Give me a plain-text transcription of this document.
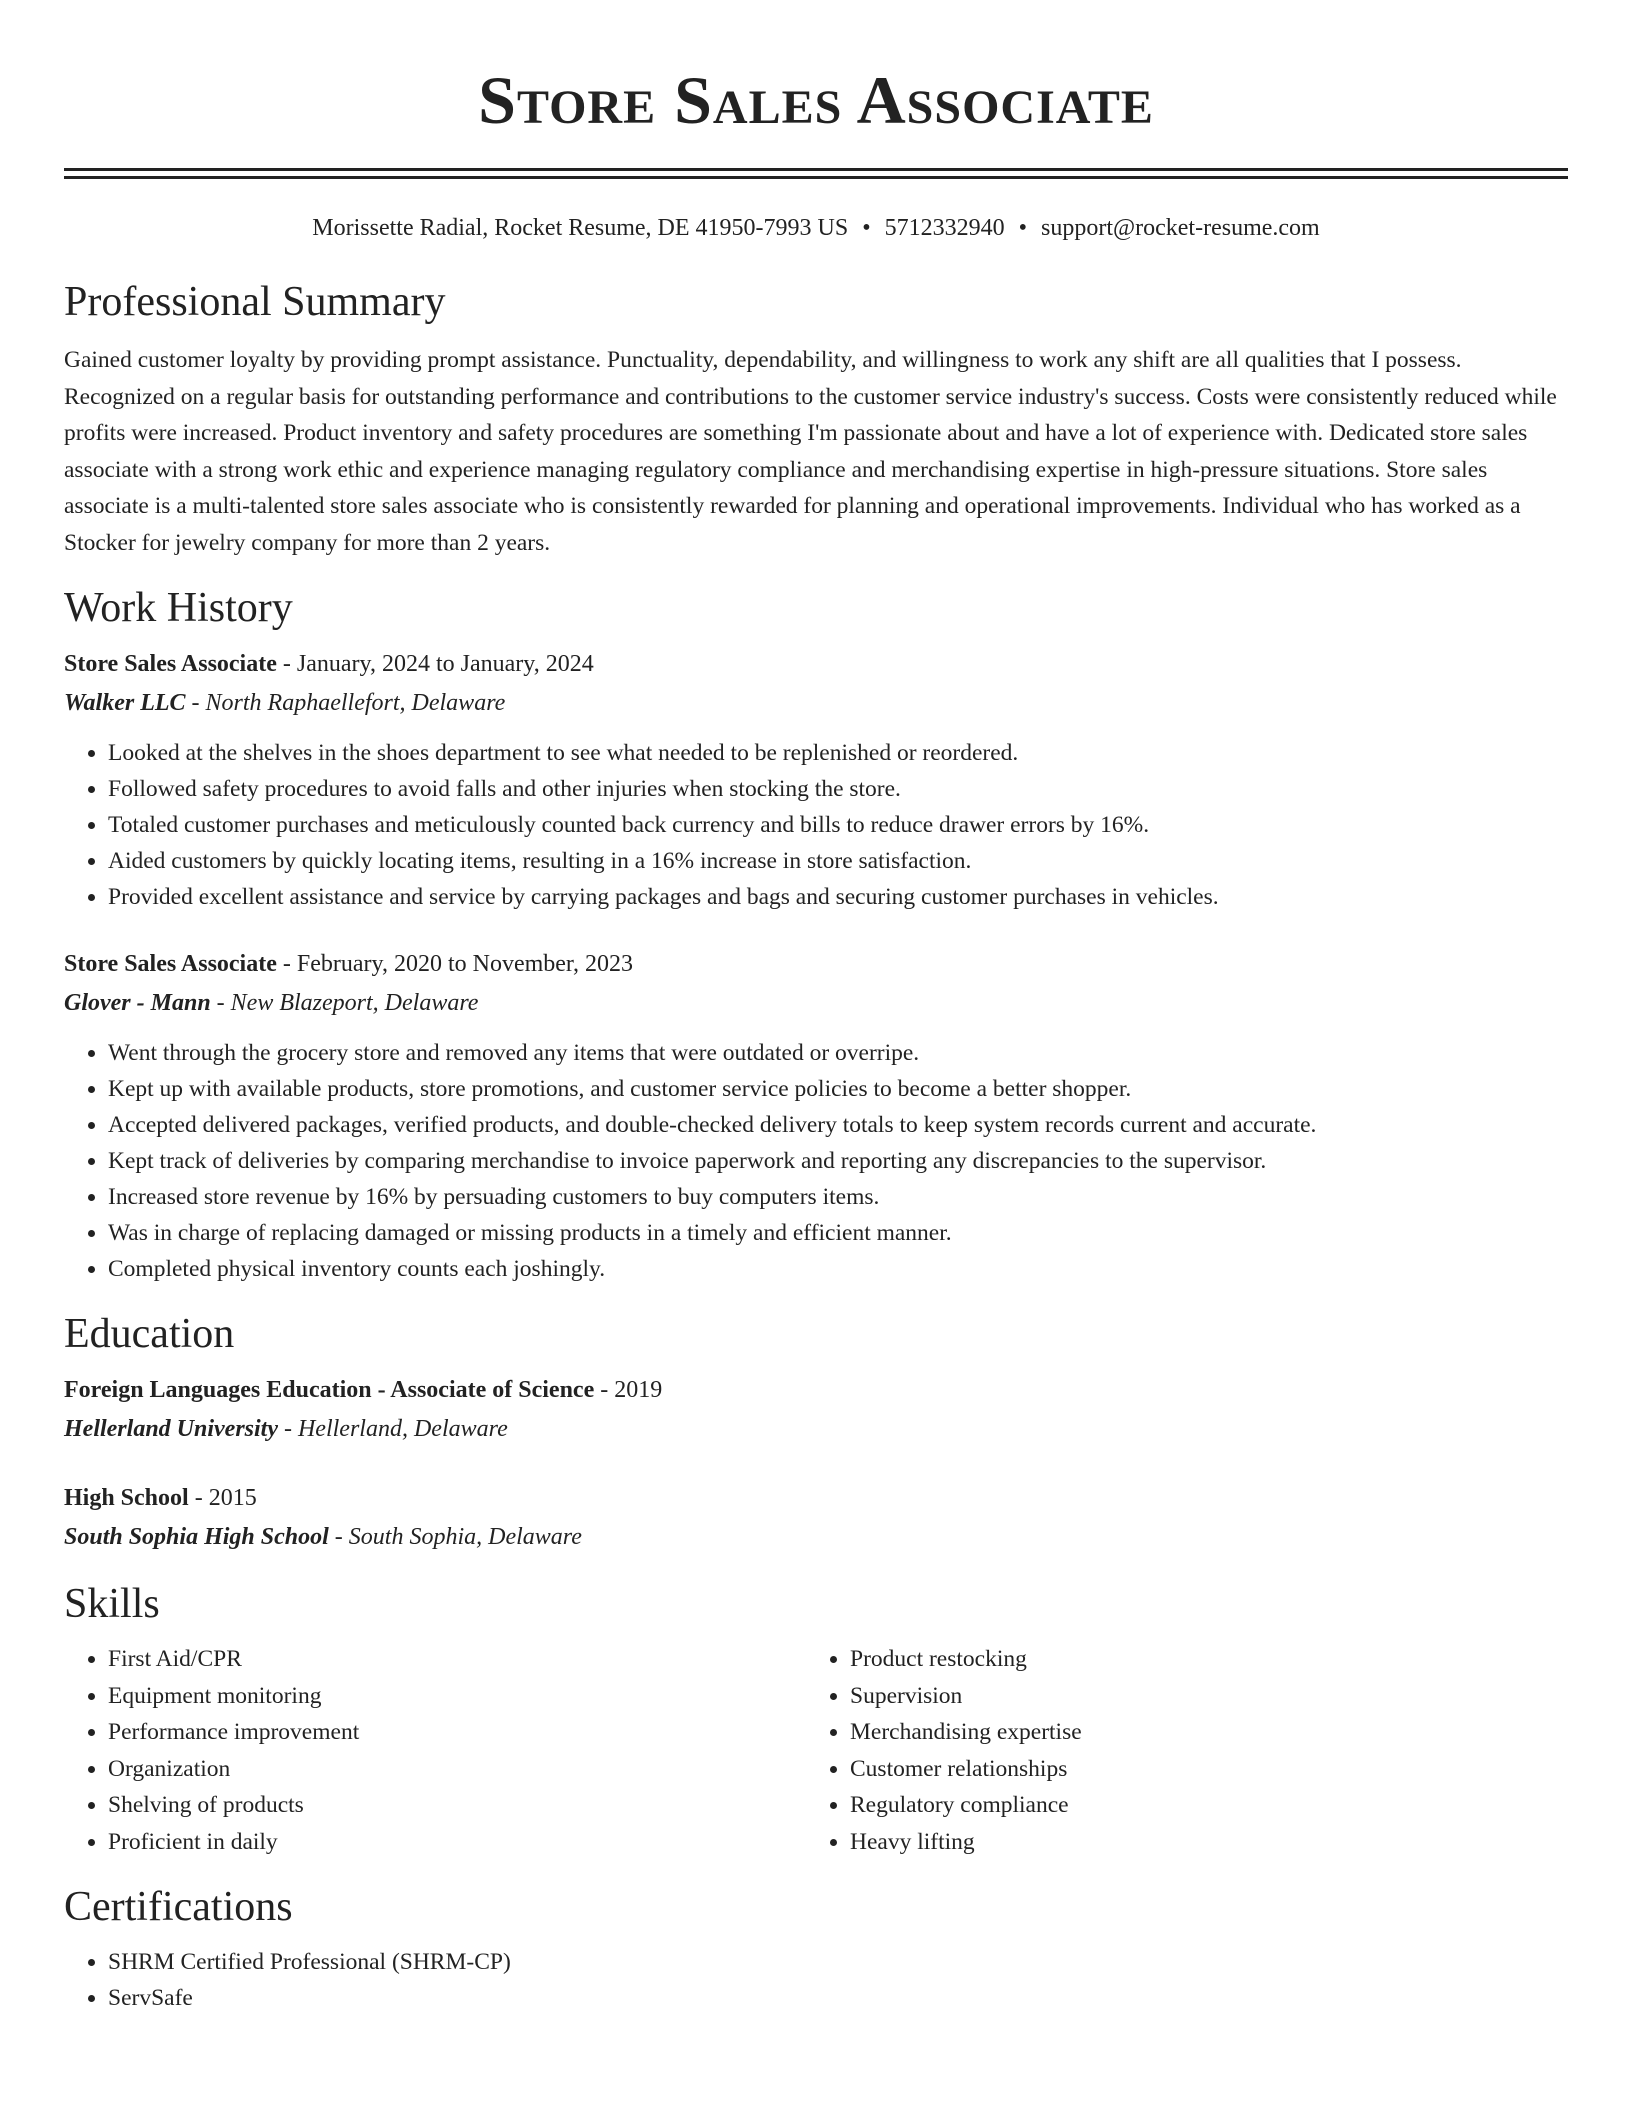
Store Sales Associate
Morissette Radial, Rocket Resume, DE 41950-7993 US • 5712332940 • support@rocket-resume.com
Professional Summary

Gained customer loyalty by providing prompt assistance. Punctuality, dependability, and willingness to work any shift are all qualities that I possess. Recognized on a regular basis for outstanding performance and contributions to the customer service industry's success. Costs were consistently reduced while profits were increased. Product inventory and safety procedures are something I'm passionate about and have a lot of experience with. Dedicated store sales associate with a strong work ethic and experience managing regulatory compliance and merchandising expertise in high-pressure situations. Store sales associate is a multi-talented store sales associate who is consistently rewarded for planning and operational improvements. Individual who has worked as a Stocker for jewelry company for more than 2 years.

Work History
Store Sales Associate - January, 2024 to January, 2024
Walker LLC - North Raphaellefort, Delaware
• Looked at the shelves in the shoes department to see what needed to be replenished or reordered.
• Followed safety procedures to avoid falls and other injuries when stocking the store.
• Totaled customer purchases and meticulously counted back currency and bills to reduce drawer errors by 16%.
• Aided customers by quickly locating items, resulting in a 16% increase in store satisfaction.
• Provided excellent assistance and service by carrying packages and bags and securing customer purchases in vehicles.
Store Sales Associate - February, 2020 to November, 2023
Glover - Mann - New Blazeport, Delaware
• Went through the grocery store and removed any items that were outdated or overripe.
• Kept up with available products, store promotions, and customer service policies to become a better shopper.
• Accepted delivered packages, verified products, and double-checked delivery totals to keep system records current and accurate.
• Kept track of deliveries by comparing merchandise to invoice paperwork and reporting any discrepancies to the supervisor.
• Increased store revenue by 16% by persuading customers to buy computers items.
• Was in charge of replacing damaged or missing products in a timely and efficient manner.
• Completed physical inventory counts each joshingly.
Education
Foreign Languages Education - Associate of Science - 2019
Hellerland University - Hellerland, Delaware
High School - 2015
South Sophia High School - South Sophia, Delaware
Skills
• First Aid/CPR
• Equipment monitoring
• Performance improvement
• Organization
• Shelving of products
• Proficient in daily
• Product restocking
• Supervision
• Merchandising expertise
• Customer relationships
• Regulatory compliance
• Heavy lifting
Certifications
• SHRM Certified Professional (SHRM-CP)
• ServSafe
